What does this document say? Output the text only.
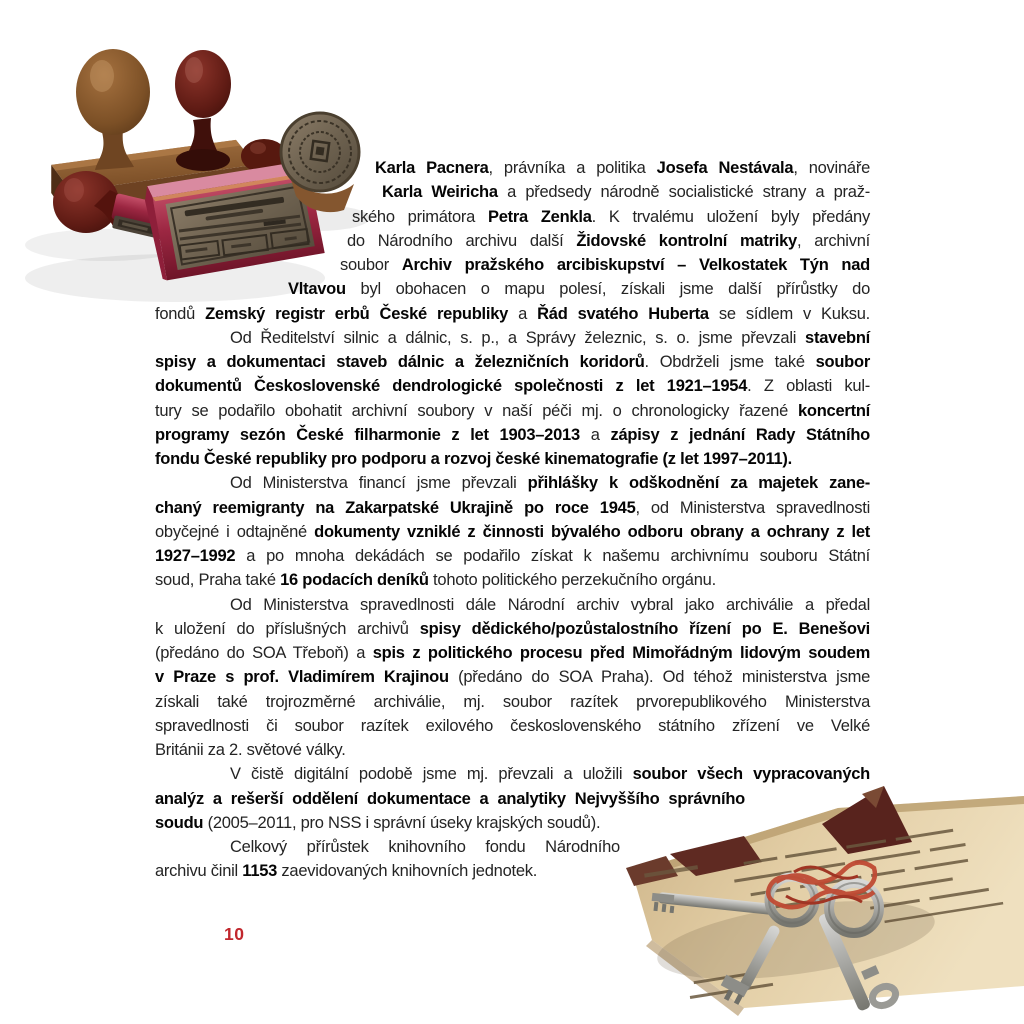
Karla Pacnera, právníka a politika Josefa Nestávala, novináře
Karla Weiricha a předsedy národně socialistické strany a praž-
ského primátora Petra Zenkla. K trvalému uložení byly předány
do Národního archivu další Židovské kontrolní matriky, archivní
soubor Archiv pražského arcibiskupství – Velkostatek Týn nad
Vltavou byl obohacen o mapu polesí, získali jsme další přírůstky do
fondů Zemský registr erbů České republiky a Řád svatého Huberta se sídlem v Kuksu.
Od Ředitelství silnic a dálnic, s. p., a Správy železnic, s. o. jsme převzali stavební
spisy a dokumentaci staveb dálnic a železničních koridorů. Obdrželi jsme také soubor
dokumentů Československé dendrologické společnosti z let 1921–1954. Z oblasti kul-
tury se podařilo obohatit archivní soubory v naší péči mj. o chronologicky řazené koncertní
programy sezón České filharmonie z let 1903–2013 a zápisy z jednání Rady Státního
fondu České republiky pro podporu a rozvoj české kinematografie (z let 1997–2011).
Od Ministerstva financí jsme převzali přihlášky k odškodnění za majetek zane-
chaný reemigranty na Zakarpatské Ukrajině po roce 1945, od Ministerstva spravedlnosti
obyčejné i odtajněné dokumenty vzniklé z činnosti bývalého odboru obrany a ochrany z let
1927–1992 a po mnoha dekádách se podařilo získat k našemu archivnímu souboru Státní
soud, Praha také 16 podacích deníků tohoto politického perzekučního orgánu.
Od Ministerstva spravedlnosti dále Národní archiv vybral jako archiválie a předal
k uložení do příslušných archivů spisy dědického/pozůstalostního řízení po E. Benešovi
(předáno do SOA Třeboň) a spis z politického procesu před Mimořádným lidovým soudem
v Praze s prof. Vladimírem Krajinou (předáno do SOA Praha). Od téhož ministerstva jsme
získali také trojrozměrné archiválie, mj. soubor razítek prvorepublikového Ministerstva
spravedlnosti či soubor razítek exilového československého státního zřízení ve Velké
Británii za 2. světové války.
V čistě digitální podobě jsme mj. převzali a uložili soubor všech vypracovaných
analýz a rešerší oddělení dokumentace a analytiky Nejvyššího správního
soudu (2005–2011, pro NSS i správní úseky krajských soudů).
Celkový přírůstek knihovního fondu Národního
archivu činil 1153 zaevidovaných knihovních jednotek.
10
